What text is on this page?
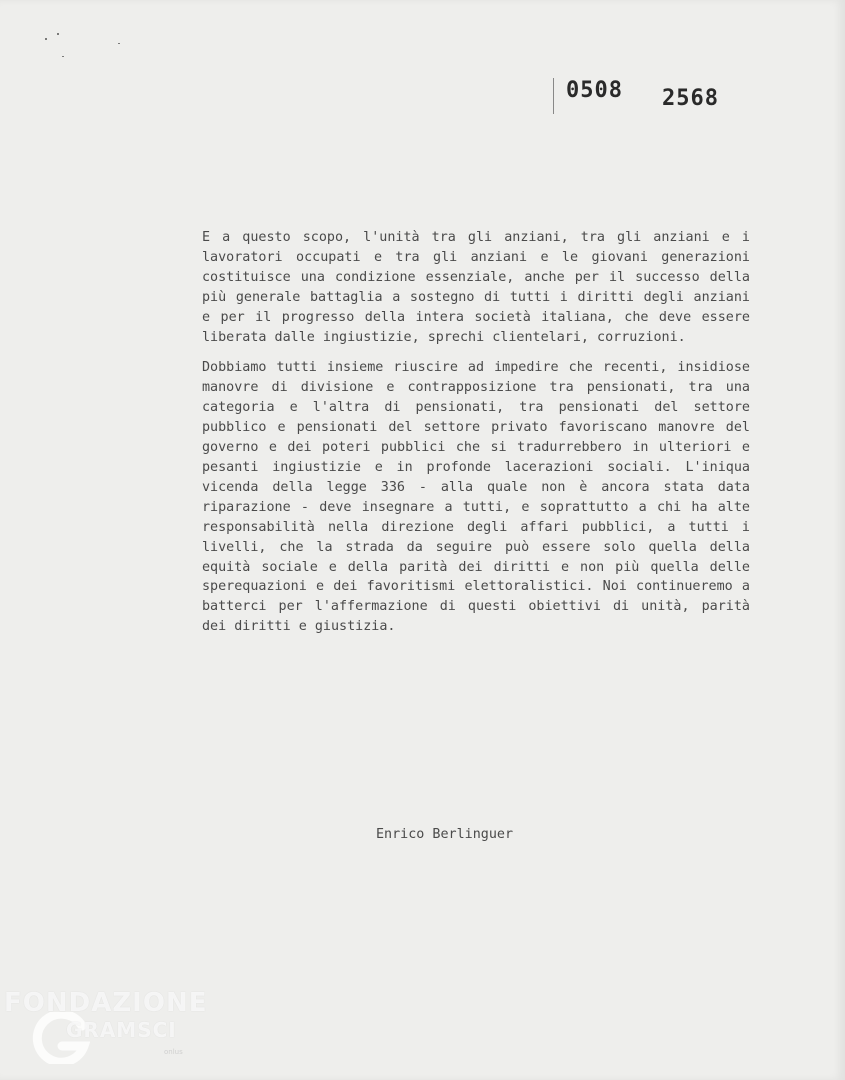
0508 2568

E a questo scopo, l'unità tra gli anziani, tra gli anziani e i lavoratori occupati e tra gli anziani e le giovani generazioni costituisce una condizione essenziale, anche per il successo della più generale battaglia a sostegno di tutti i diritti degli anziani e per il progresso della intera società italiana, che deve essere liberata dalle ingiustizie, sprechi clientelari, corruzioni.

Dobbiamo tutti insieme riuscire ad impedire che recenti, insidiose manovre di divisione e contrapposizione tra pensionati, tra una categoria e l'altra di pensionati, tra pensionati del settore pubblico e pensionati del settore privato favoriscano manovre del governo e dei poteri pubblici che si tradurrebbero in ulteriori e pesanti ingiustizie e in profonde lacerazioni sociali. L'iniqua vicenda della legge 336 - alla quale non è ancora stata data riparazione - deve insegnare a tutti, e soprattutto a chi ha alte responsabilità nella direzione degli affari pubblici, a tutti i livelli, che la strada da seguire può essere solo quella della equità sociale e della parità dei diritti e non più quella delle sperequazioni e dei favoritismi elettoralistici. Noi continueremo a batterci per l'affermazione di questi obiettivi di unità, parità dei diritti e giustizia.

Enrico Berlinguer
FONDAZIONE
GRAMSCI
onlus
